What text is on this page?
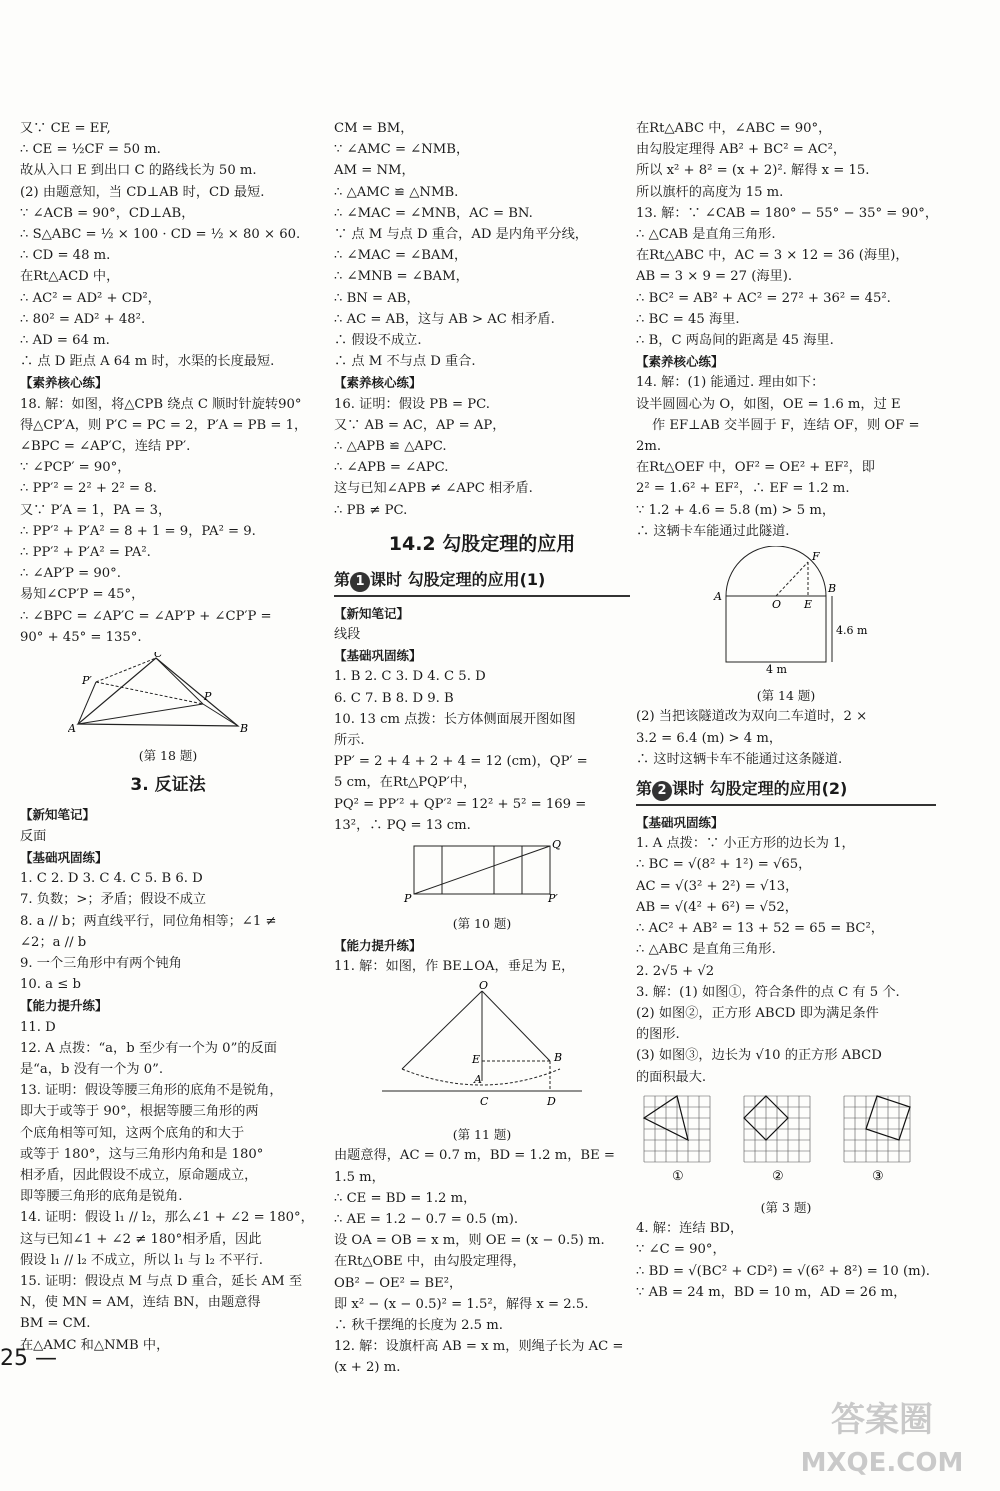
又∵ CE = EF,
∴ CE = ½CF = 50 m.
故从入口 E 到出口 C 的路线长为 50 m.
(2) 由题意知，当 CD⊥AB 时，CD 最短.
∵ ∠ACB = 90°，CD⊥AB，
∴ S△ABC = ½ × 100 · CD = ½ × 80 × 60.
∴ CD = 48 m.
在Rt△ACD 中，
∴ AC² = AD² + CD²，
∴ 80² = AD² + 48².
∴ AD = 64 m.
∴ 点 D 距点 A 64 m 时，水渠的长度最短.
【素养核心练】
18. 解：如图，将△CPB 绕点 C 顺时针旋转90°
得△CP′A，则 P′C = PC = 2，P′A = PB = 1，
∠BPC = ∠AP′C，连结 PP′.
∵ ∠PCP′ = 90°，
∴ PP′² = 2² + 2² = 8.
又∵ P′A = 1，PA = 3，
∴ PP′² + P′A² = 8 + 1 = 9，PA² = 9.
∴ PP′² + P′A² = PA².
∴ ∠AP′P = 90°.
易知∠CP′P = 45°，
∴ ∠BPC = ∠AP′C = ∠AP′P + ∠CP′P =
90° + 45° = 135°.
C
P′
P
A	B
(第 18 题)
3. 反证法
【新知笔记】
反面
【基础巩固练】
1. C 2. D 3. C 4. C 5. B 6. D
7. 负数；>；矛盾；假设不成立
8. a // b；两直线平行，同位角相等；∠1 ≠
∠2；a // b
9. 一个三角形中有两个钝角
10. a ≤ b
【能力提升练】
11. D
12. A 点拨：“a，b 至少有一个为 0”的反面
是“a，b 没有一个为 0”.
13. 证明：假设等腰三角形的底角不是锐角，
即大于或等于 90°，根据等腰三角形的两
个底角相等可知，这两个底角的和大于
或等于 180°，这与三角形内角和是 180°
相矛盾，因此假设不成立，原命题成立，
即等腰三角形的底角是锐角.
14. 证明：假设 l₁ // l₂，那么∠1 + ∠2 = 180°，
这与已知∠1 + ∠2 ≠ 180°相矛盾，因此
假设 l₁ // l₂ 不成立，所以 l₁ 与 l₂ 不平行.
15. 证明：假设点 M 与点 D 重合，延长 AM 至
N，使 MN = AM，连结 BN，由题意得
BM = CM.
在△AMC 和△NMB 中，
CM = BM，
∵ ∠AMC = ∠NMB，
AM = NM，
∴ △AMC ≌ △NMB.
∴ ∠MAC = ∠MNB，AC = BN.
∵ 点 M 与点 D 重合，AD 是内角平分线，
∴ ∠MAC = ∠BAM，
∴ ∠MNB = ∠BAM，
∴ BN = AB，
∴ AC = AB，这与 AB > AC 相矛盾.
∴ 假设不成立.
∴ 点 M 不与点 D 重合.
【素养核心练】
16. 证明：假设 PB = PC.
又∵ AB = AC，AP = AP，
∴ △APB ≌ △APC.
∴ ∠APB = ∠APC.
这与已知∠APB ≠ ∠APC 相矛盾.
∴ PB ≠ PC.
14.2 勾股定理的应用
第 1 课时 勾股定理的应用(1)
【新知笔记】
线段
【基础巩固练】
1. B 2. C 3. D 4. C 5. D
6. C 7. B 8. D 9. B
10. 13 cm 点拨：长方体侧面展开图如图
所示.
PP′ = 2 + 4 + 2 + 4 = 12 (cm)，QP′ =
5 cm，在Rt△PQP′中，
PQ² = PP′² + QP′² = 12² + 5² = 169 =
13²，∴ PQ = 13 cm.
Q
P	P′
(第 10 题)
【能力提升练】
11. 解：如图，作 BE⊥OA，垂足为 E，
O
E	B
A
C	D
(第 11 题)
由题意得，AC = 0.7 m，BD = 1.2 m，BE =
1.5 m，
∴ CE = BD = 1.2 m，
∴ AE = 1.2 − 0.7 = 0.5 (m).
设 OA = OB = x m，则 OE = (x − 0.5) m.
在Rt△OBE 中，由勾股定理得，
OB² − OE² = BE²，
即 x² − (x − 0.5)² = 1.5²，解得 x = 2.5.
∴ 秋千摆绳的长度为 2.5 m.
12. 解：设旗杆高 AB = x m，则绳子长为 AC =
(x + 2) m.
在Rt△ABC 中，∠ABC = 90°，
由勾股定理得 AB² + BC² = AC²，
所以 x² + 8² = (x + 2)². 解得 x = 15.
所以旗杆的高度为 15 m.
13. 解：∵ ∠CAB = 180° − 55° − 35° = 90°，
∴ △CAB 是直角三角形.
在Rt△ABC 中，AC = 3 × 12 = 36 (海里)，
AB = 3 × 9 = 27 (海里).
∴ BC² = AB² + AC² = 27² + 36² = 45².
∴ BC = 45 海里.
∴ B，C 两岛间的距离是 45 海里.
【素养核心练】
14. 解：(1) 能通过. 理由如下：
设半圆圆心为 O，如图，OE = 1.6 m，过 E
作 EF⊥AB 交半圆于 F，连结 OF，则 OF =
2m.
在Rt△OEF 中，OF² = OE² + EF²，即
2² = 1.6² + EF²，∴ EF = 1.2 m.
∵ 1.2 + 4.6 = 5.8 (m) > 5 m，
∴ 这辆卡车能通过此隧道.
F
A
O E
B
4.6 m
4 m
(第 14 题)
(2) 当把该隧道改为双向二车道时，2 ×
3.2 = 6.4 (m) > 4 m，
∴ 这时这辆卡车不能通过这条隧道.
第 2 课时 勾股定理的应用(2)
【基础巩固练】
1. A 点拨：∵ 小正方形的边长为 1，
∴ BC = √(8² + 1²) = √65，
AC = √(3² + 2²) = √13，
AB = √(4² + 6²) = √52，
∴ AC² + AB² = 13 + 52 = 65 = BC²，
∴ △ABC 是直角三角形.
2. 2√5 + √2
3. 解：(1) 如图①，符合条件的点 C 有 5 个.
(2) 如图②，正方形 ABCD 即为满足条件
的图形.
(3) 如图③，边长为 √10 的正方形 ABCD
的面积最大.
①	②	③
(第 3 题)
4. 解：连结 BD，
∵ ∠C = 90°，
∴ BD = √(BC² + CD²) = √(6² + 8²) = 10 (m).
∵ AB = 24 m，BD = 10 m，AD = 26 m，
25 —
答案圈
MXQE.COM
